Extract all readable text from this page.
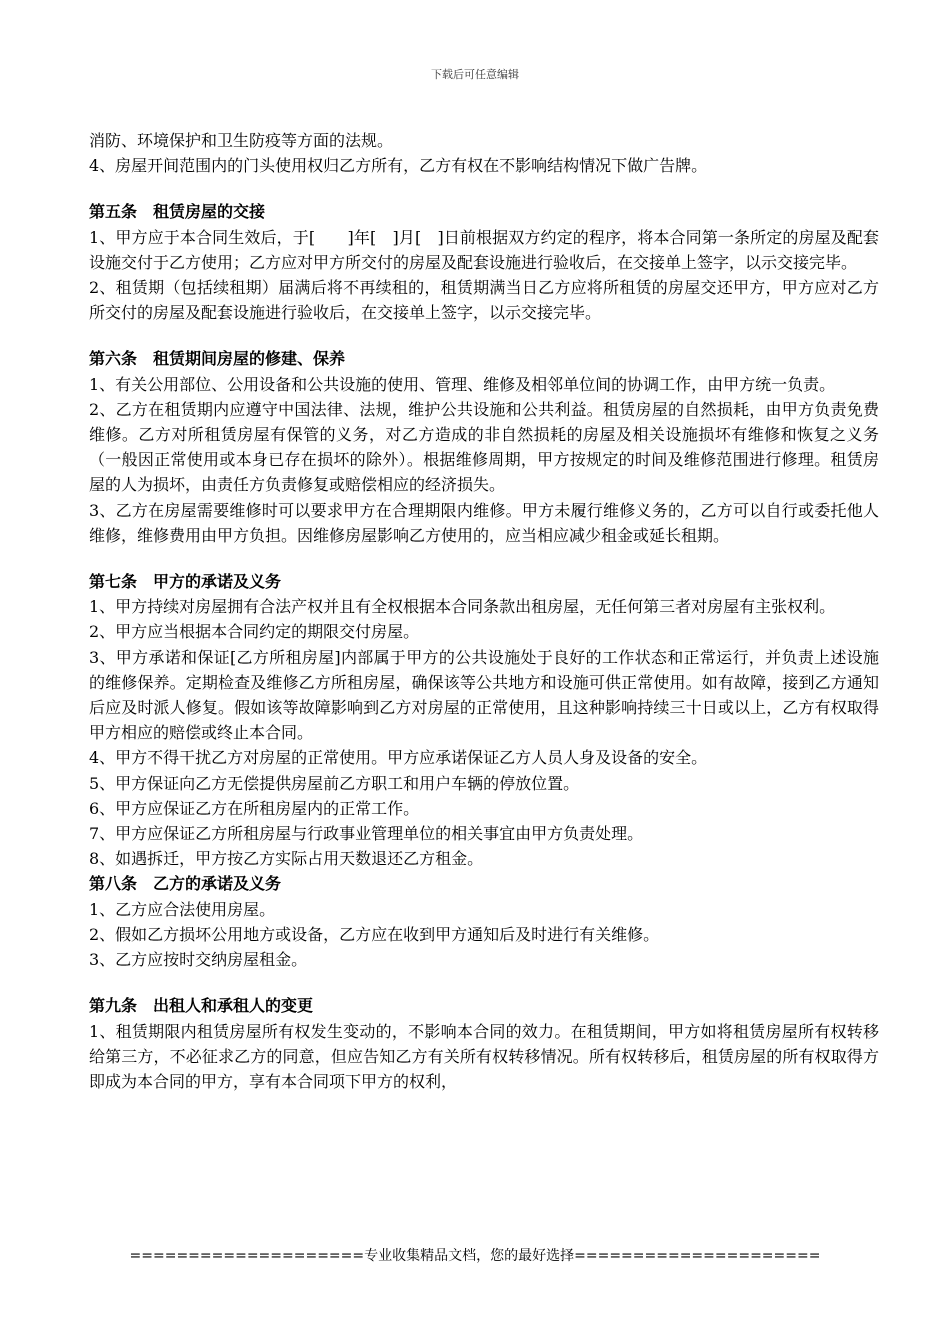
下载后可任意编辑

消防、环境保护和卫生防疫等方面的法规。

4、房屋开间范围内的门头使用权归乙方所有，乙方有权在不影响结构情况下做广告牌。

第五条　租赁房屋的交接

1、甲方应于本合同生效后，于[　　]年[　]月[　]日前根据双方约定的程序，将本合同第一条所定的房屋及配套设施交付于乙方使用；乙方应对甲方所交付的房屋及配套设施进行验收后，在交接单上签字，以示交接完毕。

2、租赁期（包括续租期）届满后将不再续租的，租赁期满当日乙方应将所租赁的房屋交还甲方，甲方应对乙方所交付的房屋及配套设施进行验收后，在交接单上签字，以示交接完毕。

第六条　租赁期间房屋的修建、保养

1、有关公用部位、公用设备和公共设施的使用、管理、维修及相邻单位间的协调工作，由甲方统一负责。

2、乙方在租赁期内应遵守中国法律、法规，维护公共设施和公共利益。租赁房屋的自然损耗，由甲方负责免费维修。乙方对所租赁房屋有保管的义务，对乙方造成的非自然损耗的房屋及相关设施损坏有维修和恢复之义务（一般因正常使用或本身已存在损坏的除外）。根据维修周期，甲方按规定的时间及维修范围进行修理。租赁房屋的人为损坏，由责任方负责修复或赔偿相应的经济损失。

3、乙方在房屋需要维修时可以要求甲方在合理期限内维修。甲方未履行维修义务的，乙方可以自行或委托他人维修，维修费用由甲方负担。因维修房屋影响乙方使用的，应当相应减少租金或延长租期。

第七条　甲方的承诺及义务

1、甲方持续对房屋拥有合法产权并且有全权根据本合同条款出租房屋，无任何第三者对房屋有主张权利。

2、甲方应当根据本合同约定的期限交付房屋。

3、甲方承诺和保证[乙方所租房屋]内部属于甲方的公共设施处于良好的工作状态和正常运行，并负责上述设施的维修保养。定期检查及维修乙方所租房屋，确保该等公共地方和设施可供正常使用。如有故障，接到乙方通知后应及时派人修复。假如该等故障影响到乙方对房屋的正常使用，且这种影响持续三十日或以上，乙方有权取得甲方相应的赔偿或终止本合同。

4、甲方不得干扰乙方对房屋的正常使用。甲方应承诺保证乙方人员人身及设备的安全。

5、甲方保证向乙方无偿提供房屋前乙方职工和用户车辆的停放位置。

6、甲方应保证乙方在所租房屋内的正常工作。

7、甲方应保证乙方所租房屋与行政事业管理单位的相关事宜由甲方负责处理。

8、如遇拆迁，甲方按乙方实际占用天数退还乙方租金。

第八条　乙方的承诺及义务

1、乙方应合法使用房屋。

2、假如乙方损坏公用地方或设备，乙方应在收到甲方通知后及时进行有关维修。

3、乙方应按时交纳房屋租金。

第九条　出租人和承租人的变更

1、租赁期限内租赁房屋所有权发生变动的，不影响本合同的效力。在租赁期间，甲方如将租赁房屋所有权转移给第三方，不必征求乙方的同意，但应告知乙方有关所有权转移情况。所有权转移后，租赁房屋的所有权取得方即成为本合同的甲方，享有本合同项下甲方的权利，

====================专业收集精品文档，您的最好选择=====================
